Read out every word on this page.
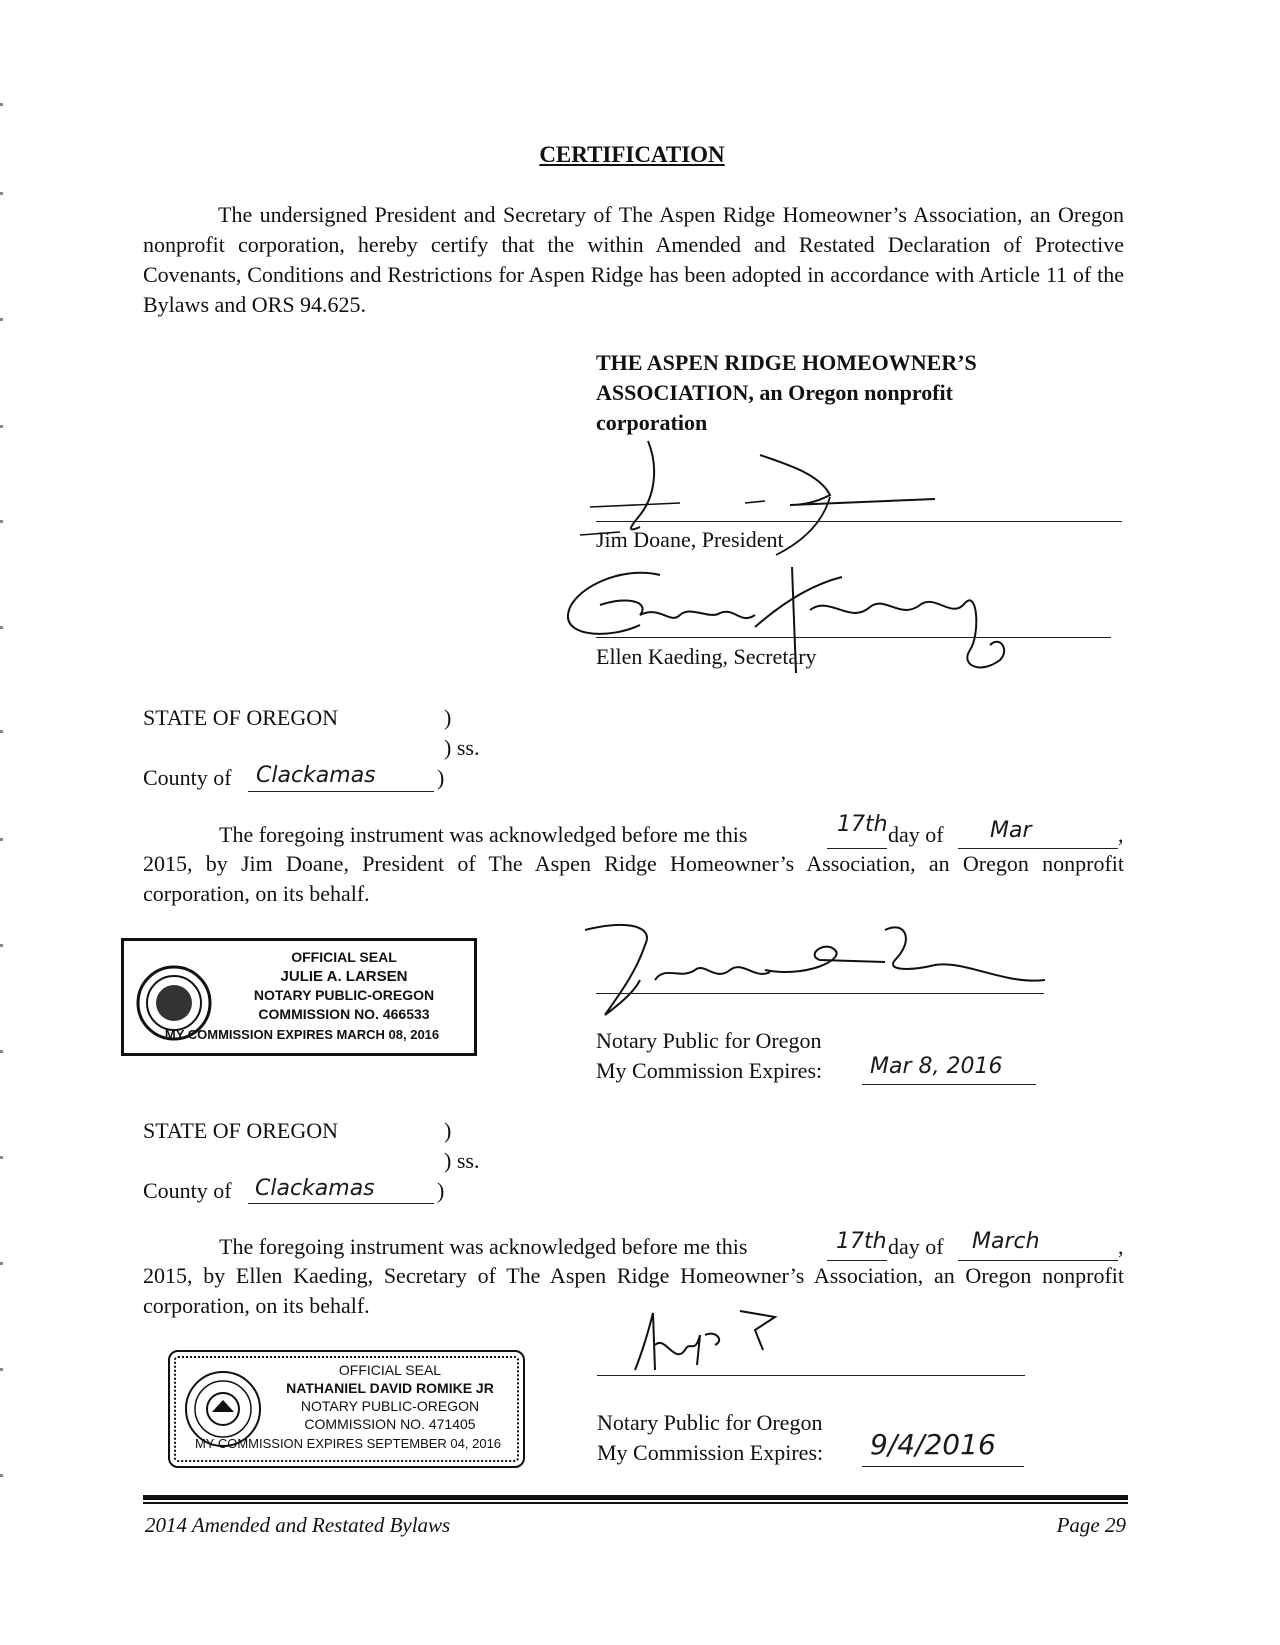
CERTIFICATION
The undersigned President and Secretary of The Aspen Ridge Homeowner’s Association, an Oregon nonprofit corporation, hereby certify that the within Amended and Restated Declaration of Protective Covenants, Conditions and Restrictions for Aspen Ridge has been adopted in accordance with Article 11 of the Bylaws and ORS 94.625.
THE ASPEN RIDGE HOMEOWNER’S
ASSOCIATION, an Oregon nonprofit
corporation
Jim Doane, President
Ellen Kaeding, Secretary
STATE OF OREGON	)
) ss.
County of Clackamas	)
The foregoing instrument was acknowledged before me this	17th day of Mar	,
2015, by Jim Doane, President of The Aspen Ridge Homeowner’s Association, an Oregon nonprofit corporation, on its behalf.
OFFICIAL SEAL
JULIE A. LARSEN
NOTARY PUBLIC-OREGON
COMMISSION NO. 466533
MY COMMISSION EXPIRES MARCH 08, 2016	Notary Public for Oregon
My Commission Expires: Mar 8, 2016
STATE OF OREGON	)
) ss.
County of Clackamas	)
The foregoing instrument was acknowledged before me this	17th day of March	,
2015, by Ellen Kaeding, Secretary of The Aspen Ridge Homeowner’s Association, an Oregon nonprofit corporation, on its behalf.
OFFICIAL SEAL
NATHANIEL DAVID ROMIKE JR
NOTARY PUBLIC-OREGON
COMMISSION NO. 471405
MY COMMISSION EXPIRES SEPTEMBER 04, 2016
Notary Public for Oregon
My Commission Expires: 9/4/2016
2014 Amended and Restated Bylaws	Page 29
